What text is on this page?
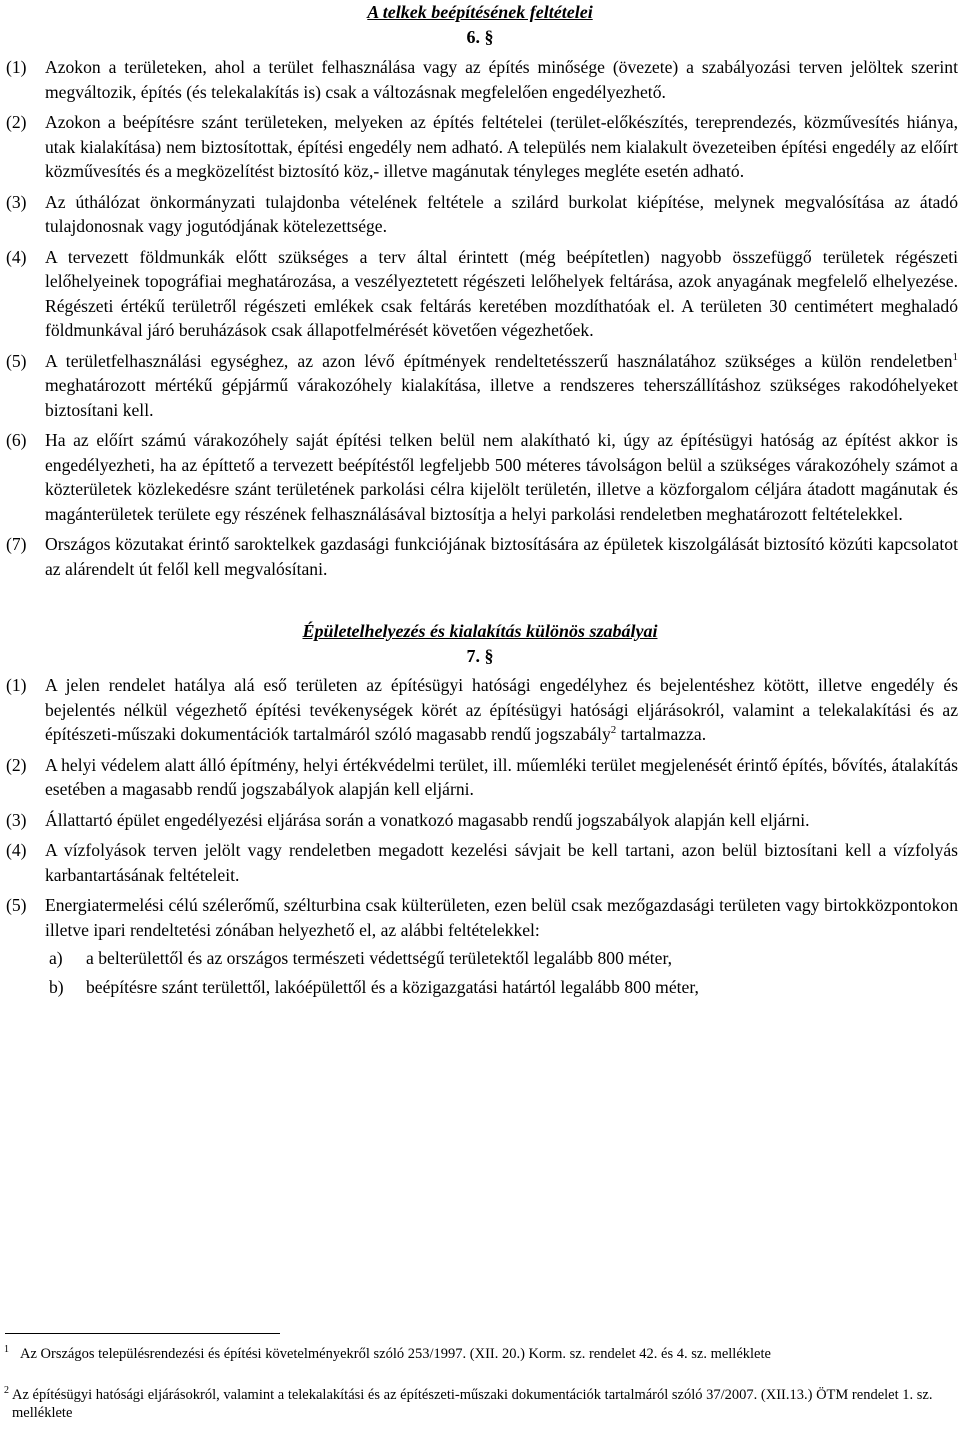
A telkek beépítésének feltételei
6. §
(1) Azokon a területeken, ahol a terület felhasználása vagy az építés minősége (övezete) a szabályozási terven jelöltek szerint megváltozik, építés (és telekalakítás is) csak a változásnak megfelelően engedélyezhető.
(2) Azokon a beépítésre szánt területeken, melyeken az építés feltételei (terület-előkészítés, tereprendezés, közművesítés hiánya, utak kialakítása) nem biztosítottak, építési engedély nem adható. A település nem kialakult övezeteiben építési engedély az előírt közművesítés és a megközelítést biztosító köz,- illetve magánutak tényleges megléte esetén adható.
(3) Az úthálózat önkormányzati tulajdonba vételének feltétele a szilárd burkolat kiépítése, melynek megvalósítása az átadó tulajdonosnak vagy jogutódjának kötelezettsége.
(4) A tervezett földmunkák előtt szükséges a terv által érintett (még beépítetlen) nagyobb összefüggő területek régészeti lelőhelyeinek topográfiai meghatározása, a veszélyeztetett régészeti lelőhelyek feltárása, azok anyagának megfelelő elhelyezése. Régészeti értékű területről régészeti emlékek csak feltárás keretében mozdíthatóak el. A területen 30 centimétert meghaladó földmunkával járó beruházások csak állapotfelmérését követően végezhetőek.
(5) A területfelhasználási egységhez, az azon lévő építmények rendeltetésszerű használatához szükséges a külön rendeletben$^1$ meghatározott mértékű gépjármű várakozóhely kialakítása, illetve a rendszeres teherszállításhoz szükséges rakodóhelyeket biztosítani kell.
(6) Ha az előírt számú várakozóhely saját építési telken belül nem alakítható ki, úgy az építésügyi hatóság az építést akkor is engedélyezheti, ha az építtető a tervezett beépítéstől legfeljebb 500 méteres távolságon belül a szükséges várakozóhely számot a közterületek közlekedésre szánt területének parkolási célra kijelölt területén, illetve a közforgalom céljára átadott magánutak és magánterületek területe egy részének felhasználásával biztosítja a helyi parkolási rendeletben meghatározott feltételekkel.
(7) Országos közutakat érintő saroktelkek gazdasági funkciójának biztosítására az épületek kiszolgálását biztosító közúti kapcsolatot az alárendelt út felől kell megvalósítani.
Épületelhelyezés és kialakítás különös szabályai
7. §
(1) A jelen rendelet hatálya alá eső területen az építésügyi hatósági engedélyhez és bejelentéshez kötött, illetve engedély és bejelentés nélkül végezhető építési tevékenységek körét az építésügyi hatósági eljárásokról, valamint a telekalakítási és az építészeti-műszaki dokumentációk tartalmáról szóló magasabb rendű jogszabály$^2$ tartalmazza.
(2) A helyi védelem alatt álló építmény, helyi értékvédelmi terület, ill. műemléki terület megjelenését érintő építés, bővítés, átalakítás esetében a magasabb rendű jogszabályok alapján kell eljárni.
(3) Állattartó épület engedélyezési eljárása során a vonatkozó magasabb rendű jogszabályok alapján kell eljárni.
(4) A vízfolyások terven jelölt vagy rendeletben megadott kezelési sávjait be kell tartani, azon belül biztosítani kell a vízfolyás karbantartásának feltételeit.
(5) Energiatermelési célú szélerőmű, szélturbina csak külterületen, ezen belül csak mezőgazdasági területen vagy birtokközpontokon illetve ipari rendeltetési zónában helyezhető el, az alábbi feltételekkel:
a) a belterülettől és az országos természeti védettségű területektől legalább 800 méter,
b) beépítésre szánt területtől, lakóépülettől és a közigazgatási határtól legalább 800 méter,
1 Az Országos településrendezési és építési követelményekről szóló 253/1997. (XII. 20.) Korm. sz. rendelet 42. és 4. sz. melléklete
2 Az építésügyi hatósági eljárásokról, valamint a telekalakítási és az építészeti-műszaki dokumentációk tartalmáról szóló 37/2007. (XII.13.) ÖTM rendelet 1. sz. melléklete
